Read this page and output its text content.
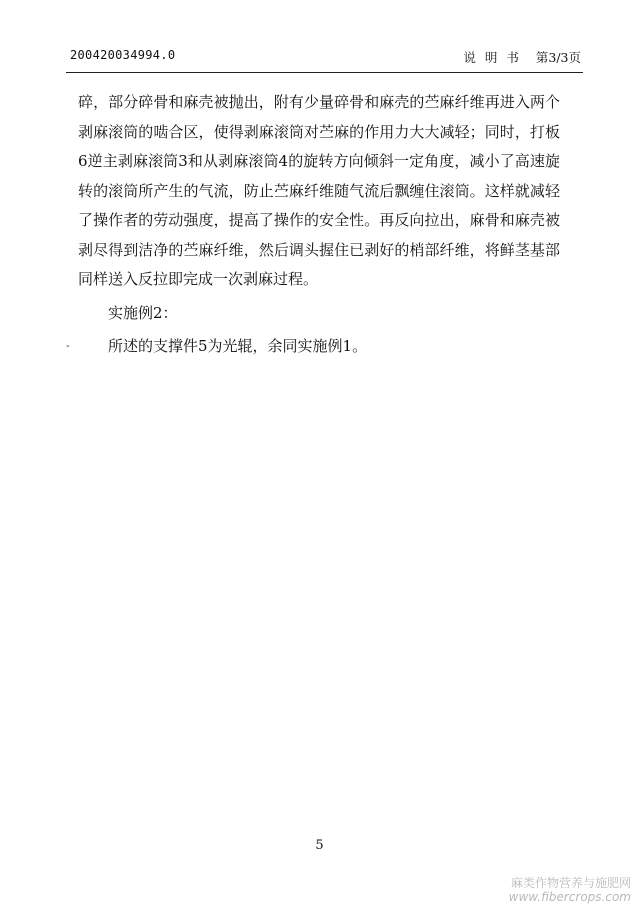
200420034994.0	说明书 第3/3页

碎，部分碎骨和麻壳被抛出，附有少量碎骨和麻壳的苎麻纤维再进入两个剥麻滚筒的啮合区，使得剥麻滚筒对苎麻的作用力大大减轻；同时，打板6逆主剥麻滚筒3和从剥麻滚筒4的旋转方向倾斜一定角度，减小了高速旋转的滚筒所产生的气流，防止苎麻纤维随气流后飘缠住滚筒。这样就减轻了操作者的劳动强度，提高了操作的安全性。再反向拉出，麻骨和麻壳被剥尽得到洁净的苎麻纤维，然后调头握住已剥好的梢部纤维，将鲜茎基部同样送入反拉即完成一次剥麻过程。

实施例2：

所述的支撑件5为光辊，余同实施例1。

-
5
麻类作物营养与施肥网
www.fibercrops.com
